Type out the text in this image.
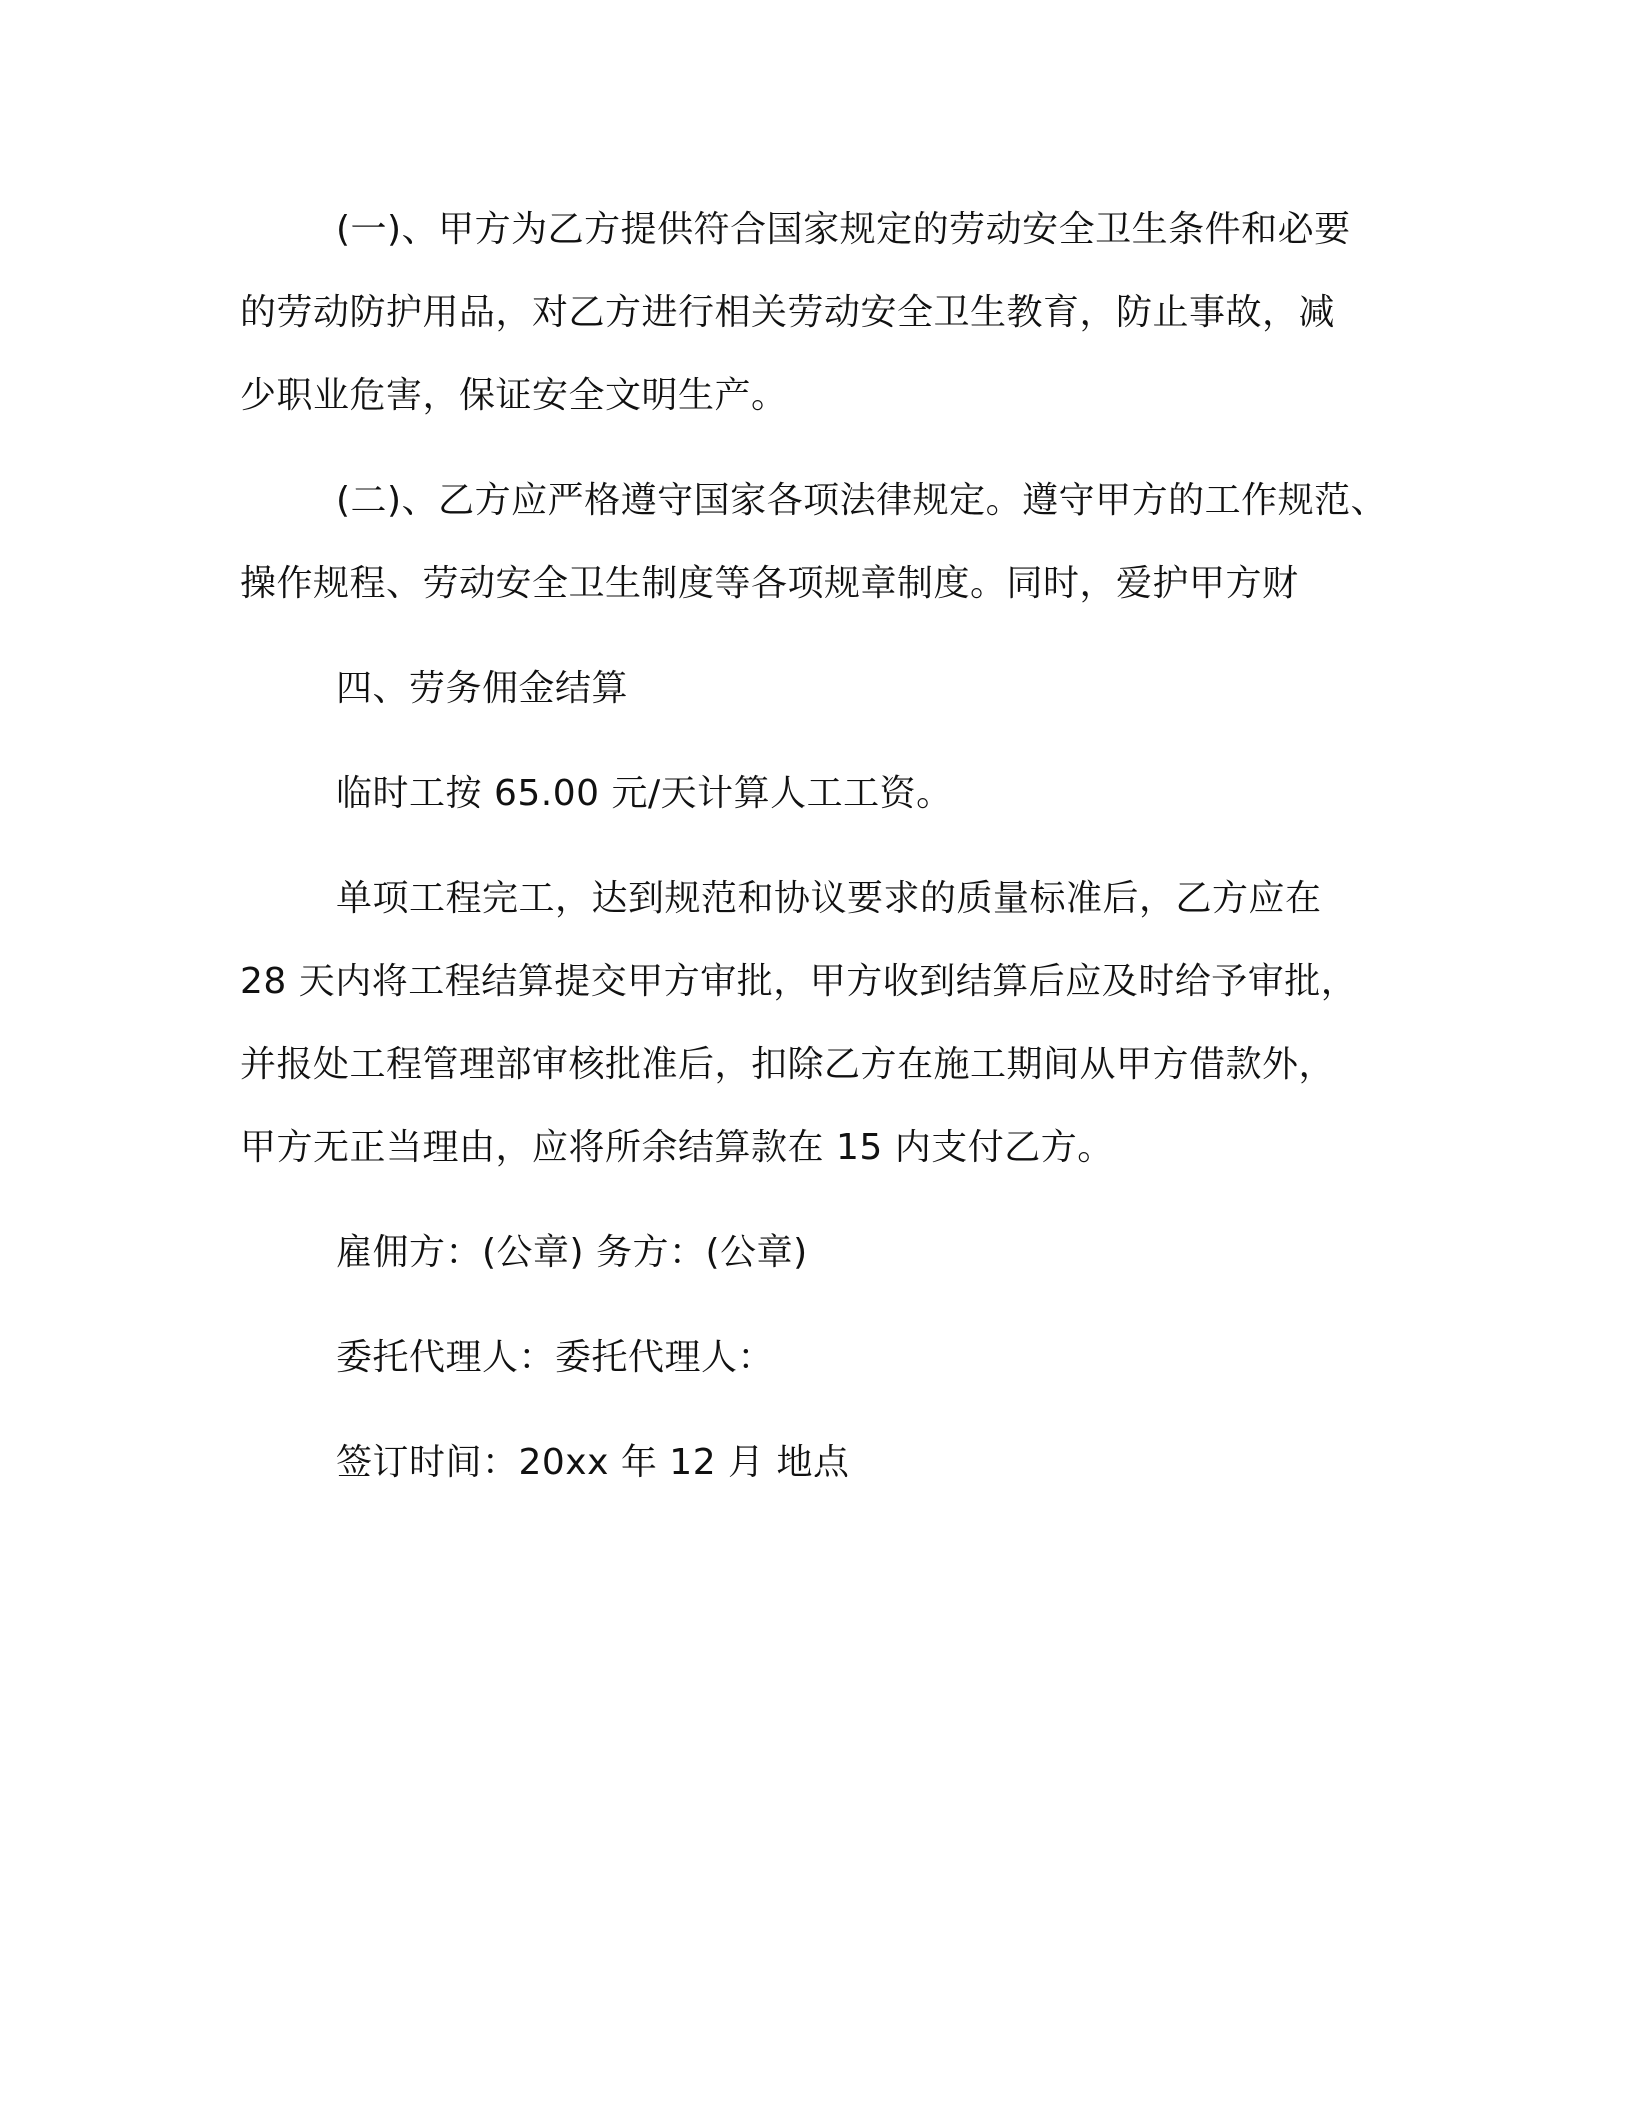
(一)、甲方为乙方提供符合国家规定的劳动安全卫生条件和必要
的劳动防护用品，对乙方进行相关劳动安全卫生教育，防止事故，减
少职业危害，保证安全文明生产。

(二)、乙方应严格遵守国家各项法律规定。遵守甲方的工作规范、
操作规程、劳动安全卫生制度等各项规章制度。同时，爱护甲方财

四、劳务佣金结算

临时工按 65.00 元/天计算人工工资。

单项工程完工，达到规范和协议要求的质量标准后，乙方应在
28 天内将工程结算提交甲方审批，甲方收到结算后应及时给予审批，
并报处工程管理部审核批准后，扣除乙方在施工期间从甲方借款外，
甲方无正当理由，应将所余结算款在 15 内支付乙方。

雇佣方：(公章) 务方：(公章)

委托代理人：委托代理人：

签订时间：20xx 年 12 月 地点
